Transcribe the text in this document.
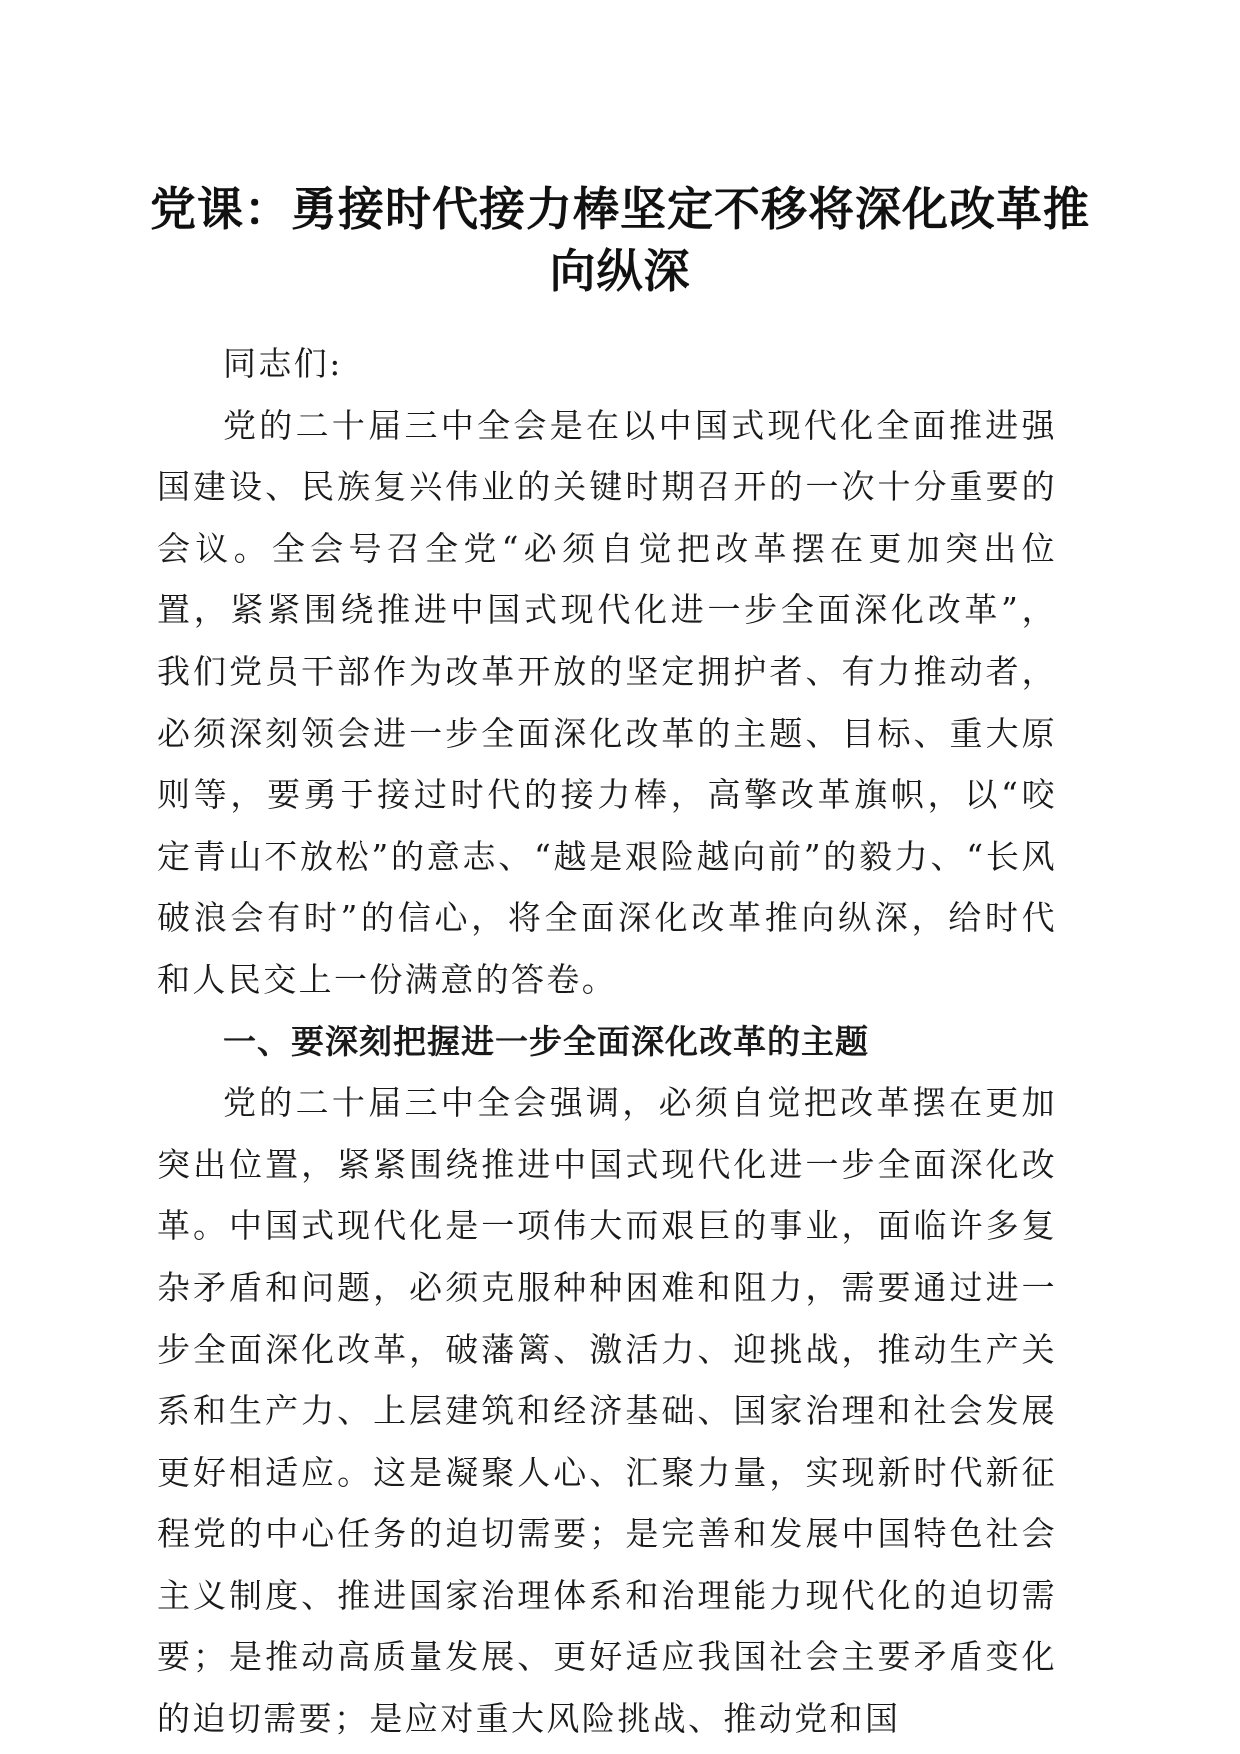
党课：勇接时代接力棒坚定不移将深化改革推向纵深

同志们:

党的二十届三中全会是在以中国式现代化全面推进强国建设、民族复兴伟业的关键时期召开的一次十分重要的会议。全会号召全党“必须自觉把改革摆在更加突出位置，紧紧围绕推进中国式现代化进一步全面深化改革”，我们党员干部作为改革开放的坚定拥护者、有力推动者，必须深刻领会进一步全面深化改革的主题、目标、重大原则等，要勇于接过时代的接力棒，高擎改革旗帜，以“咬定青山不放松”的意志、“越是艰险越向前”的毅力、“长风破浪会有时”的信心，将全面深化改革推向纵深，给时代和人民交上一份满意的答卷。

一、要深刻把握进一步全面深化改革的主题

党的二十届三中全会强调，必须自觉把改革摆在更加突出位置，紧紧围绕推进中国式现代化进一步全面深化改革。中国式现代化是一项伟大而艰巨的事业，面临许多复杂矛盾和问题，必须克服种种困难和阻力，需要通过进一步全面深化改革，破藩篱、激活力、迎挑战，推动生产关系和生产力、上层建筑和经济基础、国家治理和社会发展更好相适应。这是凝聚人心、汇聚力量，实现新时代新征程党的中心任务的迫切需要；是完善和发展中国特色社会主义制度、推进国家治理体系和治理能力现代化的迫切需要；是推动高质量发展、更好适应我国社会主要矛盾变化的迫切需要；是应对重大风险挑战、推动党和国
